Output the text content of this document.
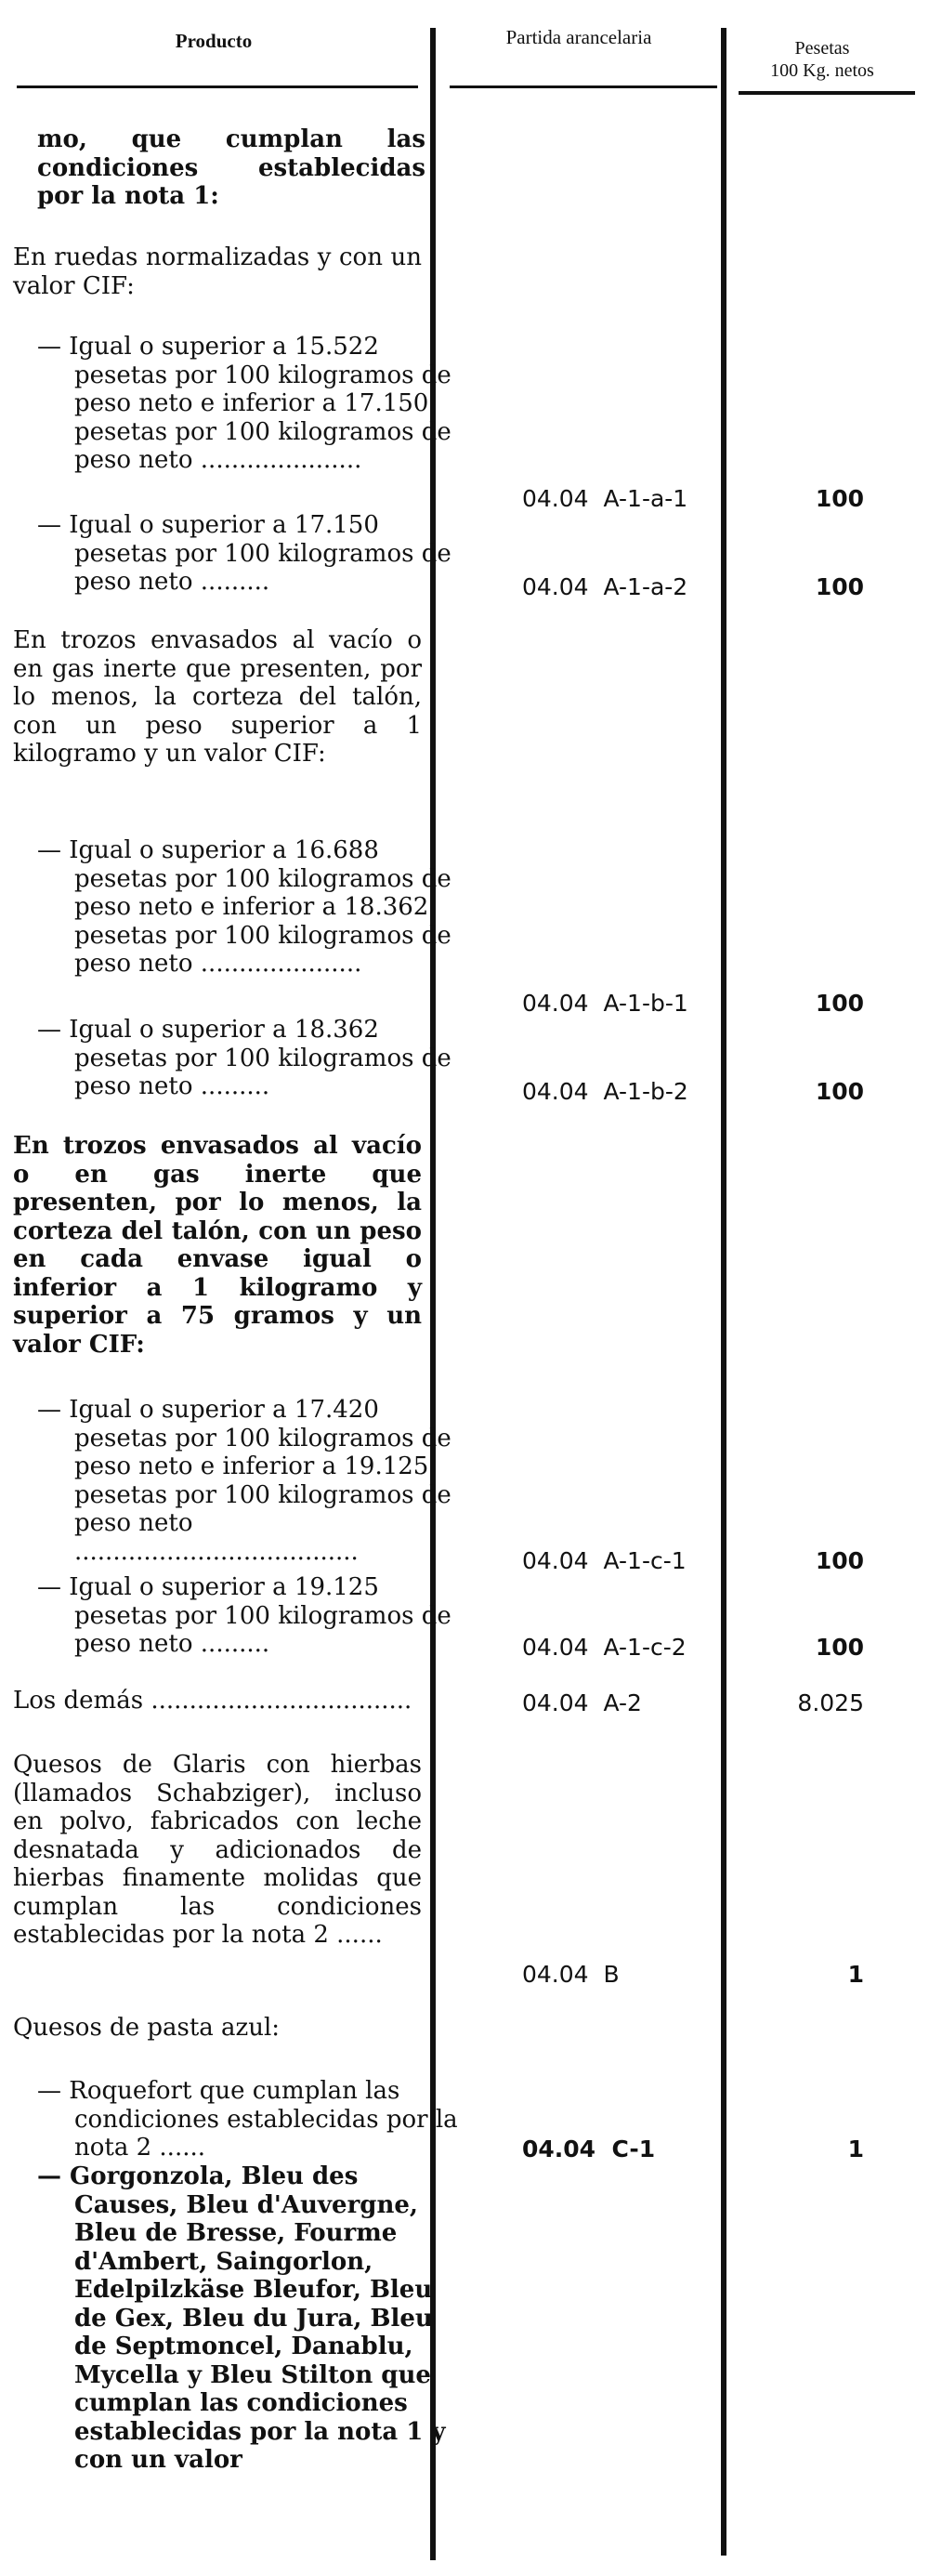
Producto	Partida arancelaria	Pesetas
100 Kg. netos
mo, que cumplan las condiciones establecidas por la nota 1:
En ruedas normalizadas y con un valor CIF:
— Igual o superior a 15.522 pesetas por 100 kilogramos de peso neto e inferior a 17.150 pesetas por 100 kilogramos de peso neto .....................
— Igual o superior a 17.150 pesetas por 100 kilogramos de peso neto .........
En trozos envasados al vacío o en gas inerte que presenten, por lo menos, la corteza del talón, con un peso superior a 1 kilogramo y un valor CIF:
— Igual o superior a 16.688 pesetas por 100 kilogramos de peso neto e inferior a 18.362 pesetas por 100 kilogramos de peso neto .....................
— Igual o superior a 18.362 pesetas por 100 kilogramos de peso neto .........
En trozos envasados al vacío o en gas inerte que presenten, por lo menos, la corteza del talón, con un peso en cada envase igual o inferior a 1 kilogramo y superior a 75 gramos y un valor CIF:
— Igual o superior a 17.420 pesetas por 100 kilogramos de peso neto e inferior a 19.125 pesetas por 100 kilogramos de peso neto .....................................
— Igual o superior a 19.125 pesetas por 100 kilogramos de peso neto .........
Los demás ..................................
Quesos de Glaris con hierbas (llamados Schabziger), incluso en polvo, fabricados con leche desnatada y adicionados de hierbas finamente molidas que cumplan las condiciones establecidas por la nota 2 ......
Quesos de pasta azul:
— Roquefort que cumplan las condiciones establecidas por la nota 2 ......
— Gorgonzola, Bleu des Causes, Bleu d'Auvergne, Bleu de Bresse, Fourme d'Ambert, Saingorlon, Edelpilzkäse Bleufor, Bleu de Gex, Bleu du Jura, Bleu de Septmoncel, Danablu, Mycella y Bleu Stilton que cumplan las condiciones establecidas por la nota 1 y con un valor
04.04  A-1-a-1
04.04  A-1-a-2
04.04  A-1-b-1
04.04  A-1-b-2
04.04  A-1-c-1
04.04  A-1-c-2
04.04  A-2
04.04  B
04.04  C-1
100
100
100
100
100
100
8.025
1
1
